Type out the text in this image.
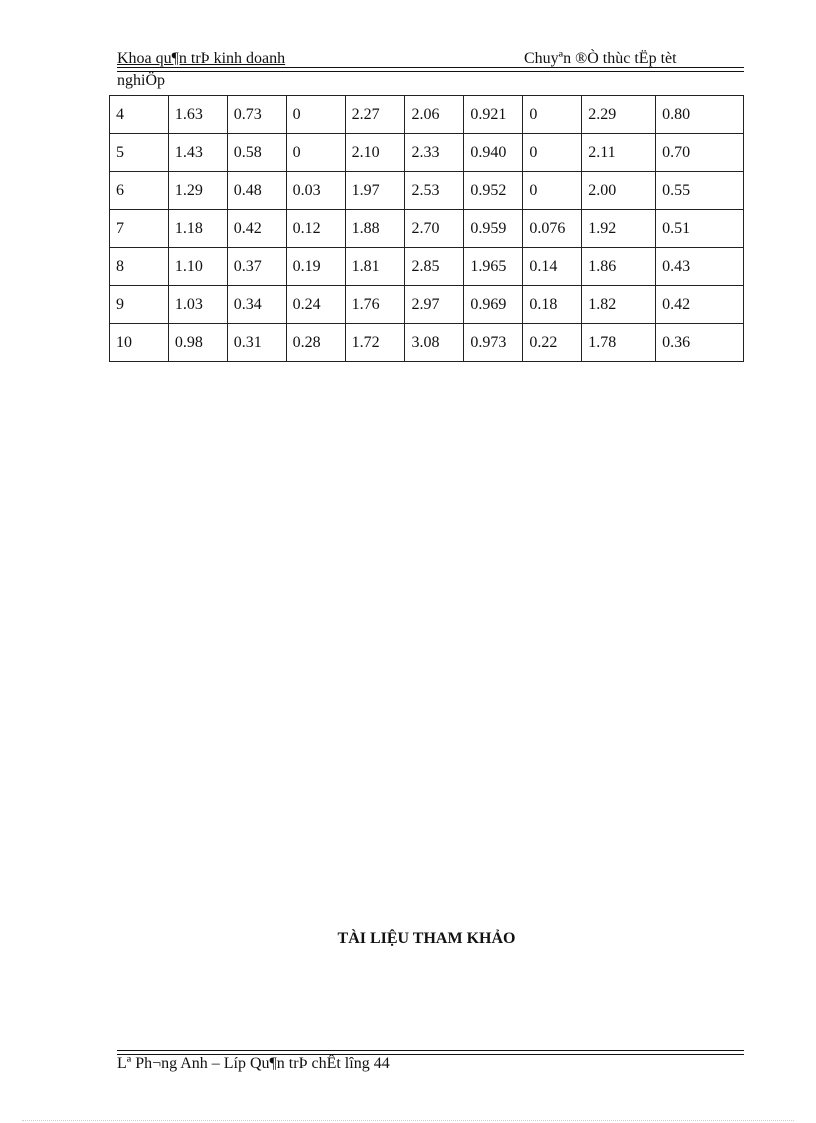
Khoa qu¶n trÞ kinh doanh	Chuyªn ®Ò thùc tËp tèt
nghiÖp
4	1.63	0.73	0	2.27	2.06	0.921	0	2.29	0.80
5	1.43	0.58	0	2.10	2.33	0.940	0	2.11	0.70
6	1.29	0.48	0.03	1.97	2.53	0.952	0	2.00	0.55
7	1.18	0.42	0.12	1.88	2.70	0.959	0.076	1.92	0.51
8	1.10	0.37	0.19	1.81	2.85	1.965	0.14	1.86	0.43
9	1.03	0.34	0.24	1.76	2.97	0.969	0.18	1.82	0.42
10	0.98	0.31	0.28	1.72	3.08	0.973	0.22	1.78	0.36
TÀI LIỆU THAM KHẢO
Lª Ph¬ng Anh – Líp Qu¶n trÞ chÊt lîng 44
